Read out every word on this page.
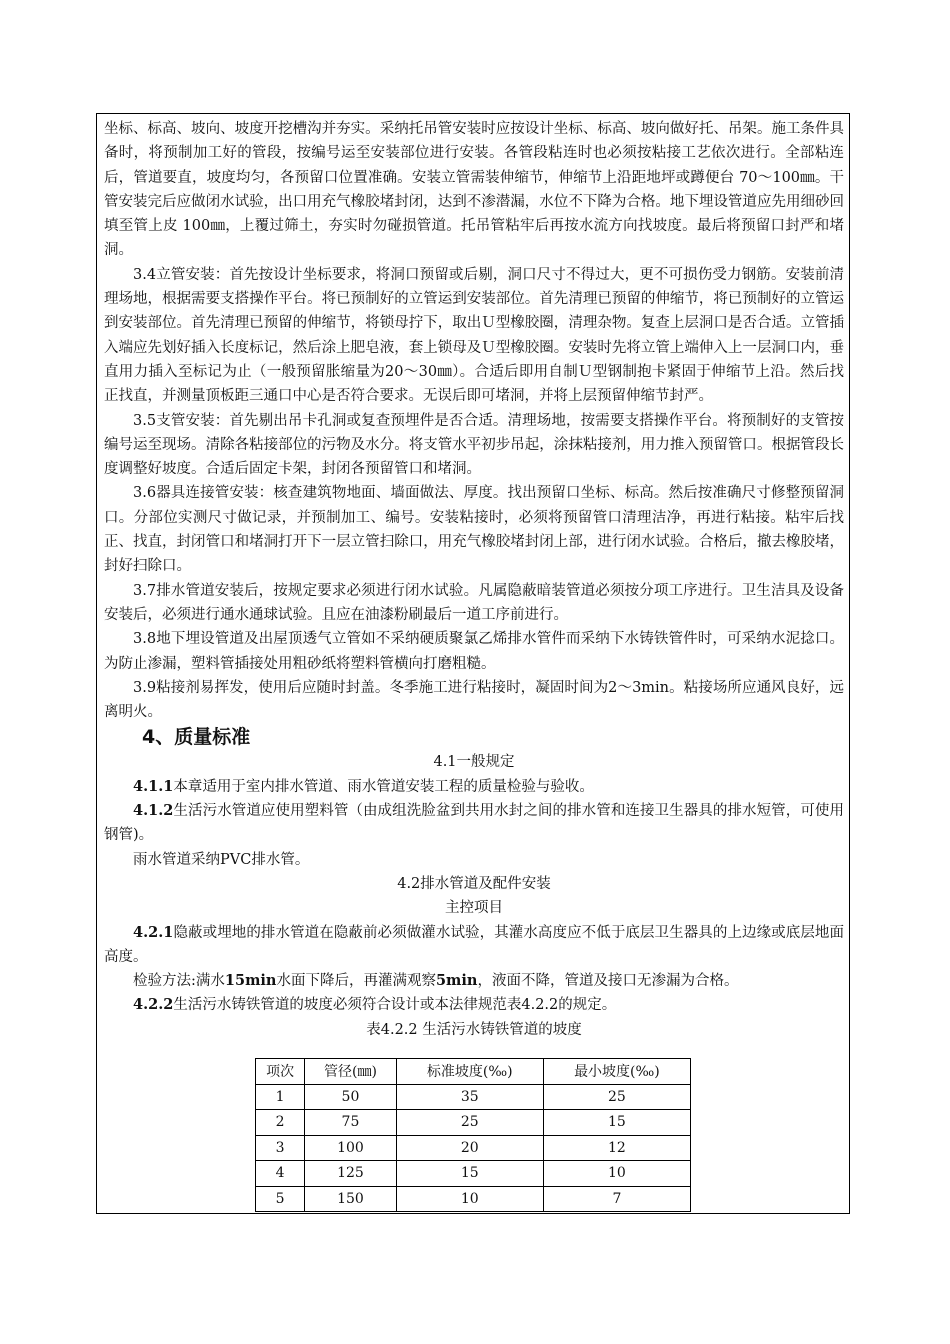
坐标、标高、坡向、坡度开挖槽沟并夯实。采纳托吊管安装时应按设计坐标、标高、坡向做好托、吊架。施工条件具备时，将预制加工好的管段，按编号运至安装部位进行安装。各管段粘连时也必须按粘接工艺依次进行。全部粘连后，管道要直，坡度均匀，各预留口位置准确。安装立管需装伸缩节，伸缩节上沿距地坪或蹲便台 70～100㎜。干管安装完后应做闭水试验，出口用充气橡胶堵封闭，达到不渗潜漏，水位不下降为合格。地下埋设管道应先用细砂回填至管上皮 100㎜，上覆过筛土，夯实时勿碰损管道。托吊管粘牢后再按水流方向找坡度。最后将预留口封严和堵洞。

3.4立管安装：首先按设计坐标要求，将洞口预留或后剔，洞口尺寸不得过大，更不可损伤受力钢筋。安装前清理场地，根据需要支搭操作平台。将已预制好的立管运到安装部位。首先清理已预留的伸缩节，将已预制好的立管运到安装部位。首先清理已预留的伸缩节，将锁母拧下，取出Ｕ型橡胶圈，清理杂物。复查上层洞口是否合适。立管插入端应先划好插入长度标记，然后涂上肥皂液，套上锁母及Ｕ型橡胶圈。安装时先将立管上端伸入上一层洞口内，垂直用力插入至标记为止（一般预留胀缩量为20～30㎜）。合适后即用自制Ｕ型钢制抱卡紧固于伸缩节上沿。然后找正找直，并测量顶板距三通口中心是否符合要求。无误后即可堵洞，并将上层预留伸缩节封严。

3.5支管安装：首先剔出吊卡孔洞或复查预埋件是否合适。清理场地，按需要支搭操作平台。将预制好的支管按编号运至现场。清除各粘接部位的污物及水分。将支管水平初步吊起，涂抹粘接剂，用力推入预留管口。根据管段长度调整好坡度。合适后固定卡架，封闭各预留管口和堵洞。

3.6器具连接管安装：核查建筑物地面、墙面做法、厚度。找出预留口坐标、标高。然后按准确尺寸修整预留洞口。分部位实测尺寸做记录，并预制加工、编号。安装粘接时，必须将预留管口清理洁净，再进行粘接。粘牢后找正、找直，封闭管口和堵洞打开下一层立管扫除口，用充气橡胶堵封闭上部，进行闭水试验。合格后，撤去橡胶堵，封好扫除口。

3.7排水管道安装后，按规定要求必须进行闭水试验。凡属隐蔽暗装管道必须按分项工序进行。卫生洁具及设备安装后，必须进行通水通球试验。且应在油漆粉刷最后一道工序前进行。

3.8地下埋设管道及出屋顶透气立管如不采纳硬质聚氯乙烯排水管件而采纳下水铸铁管件时，可采纳水泥捻口。为防止渗漏，塑料管插接处用粗砂纸将塑料管横向打磨粗糙。

3.9粘接剂易挥发，使用后应随时封盖。冬季施工进行粘接时，凝固时间为2～3min。粘接场所应通风良好，远离明火。

4、质量标准

4.1一般规定

4.1.1本章适用于室内排水管道、雨水管道安装工程的质量检验与验收。

4.1.2生活污水管道应使用塑料管（由成组洗脸盆到共用水封之间的排水管和连接卫生器具的排水短管，可使用钢管)。

雨水管道采纳PVC排水管。

4.2排水管道及配件安装

主控项目

4.2.1隐蔽或埋地的排水管道在隐蔽前必须做灌水试验，其灌水高度应不低于底层卫生器具的上边缘或底层地面高度。

检验方法:满水15min水面下降后，再灌满观察5min，液面不降，管道及接口无渗漏为合格。

4.2.2生活污水铸铁管道的坡度必须符合设计或本法律规范表4.2.2的规定。

表4.2.2 生活污水铸铁管道的坡度

项次	管径(㎜)	标准坡度(‰)	最小坡度(‰)
1	50	35	25
2	75	25	15
3	100	20	12
4	125	15	10
5	150	10	7
